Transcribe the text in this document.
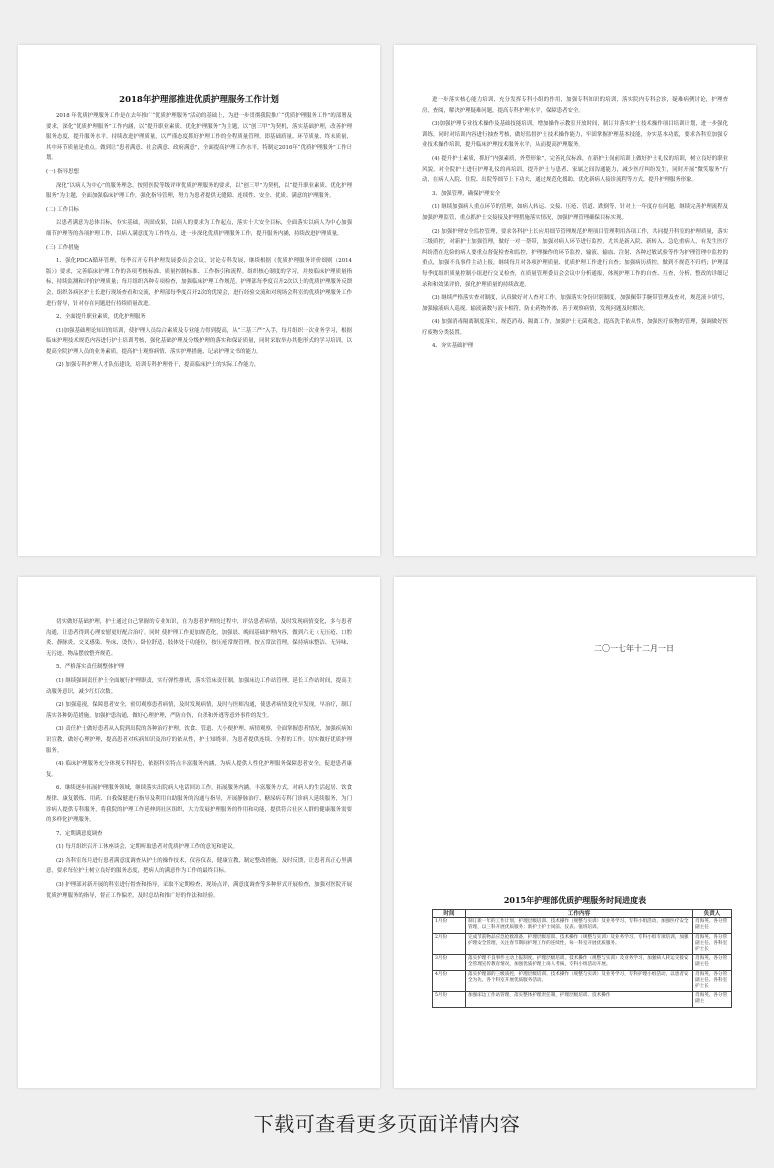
2018年护理部推进优质护理服务工作计划

2018 年优质护理服务工作是在去年推广“优质护理服务”活动的基础上，为进一步贯彻我院推广“优质护理服务工作”的部署及要求，深化“优质护理服务”工作内涵，以“提升职业素质、优化护理服务”为主题，以“创三甲”为契机，落实基础护理，改善护理服务态度，提升服务水平，持续改进护理质量，以严谨态度抓好护理工作的全程质量管理，即基础质量、环节质量、终末质量，其中环节质量是重点。做到让“患者满意、社会满意、政府满意”，全面提高护理工作水平，特制定2016年“优质护理服务”工作计划。

(一) 指导思想

深化“以病人为中心”的服务理念，按照医院等级评审优质护理服务的要求，以“创三甲”为契机，以“提升职业素质、优化护理服务”为主题，全面加强临床护理工作，强化指导管理，努力为患者提供无缝隙、连续性、安全、优质、满意的护理服务。

(二) 工作目标

以患者满意为总体目标，夯实基础，巩固成果，以病人的要求为工作起点，落实十大安全目标，全面落实以病人为中心加强细节护理等的各项护理工作，以病人满意度为工作终点，进一步深化优质护理服务工作，提升服务内涵，持续改进护理质量。

(三) 工作措施

1、强化PDCA循环管理，每季召开专科护理发展委员会会议，讨论专科发展，继续根据《优质护理服务评价细则（2014版）》要求，完善临床护理工作的各项考核标准、质量控制标准、工作指引和流程。组织核心制度的学习，并按临床护理质量指标，持续监测和评价护理质量；每月组织各种专项检查，加强临床护理工作规范，护理部每季度召开2次以上的优质护理服务反馈会，组织各病区护士长进行现场查看和交流，护理部每季度召开2次的优境会，进行经验交流和对现场会科室的优质护理服务工作进行督导，针对存在问题进行持续质量改进。

2、全面提升职业素质，优化护理服务

(1)加强基础理论知识的培训，使护理人员综合素质及专业能力得到提高，从“三基三严”入手，每月组织一次业务学习，根据临床护理技术规范内容进行护士培训考核，强化基础护理及分级护理的落实和保证质量，同时采取举办其他形式的学习培训，以提高全院护理人员的业务素质，提高护士观察病情、落实护理措施、记录护理文书的能力。

(2) 加强专科护理人才队伍建设，培训专科护理骨干，提高临床护士的实际工作能力，

进一步落实核心能力培训，充分发挥专科小组的作用，加强专科知识的培训，落实院内专科会诊，疑难病例讨论，护理查房，查阅，解决护理疑难问题，提高专科护理水平，保障患者安全。

(3)加强护理专业技术操作及基础技能培训，增加操作示教室开放时间，制订并落实护士技术操作项目培训计划，进一步强化训练。同时对培训内容进行抽查考核，做好监督护士技术操作能力，牢固掌握护理基本技能，夯实基本功底，要求各科室加强专业技术操作培训，提升临床护理技术服务水平，从而提高护理服务。

(4) 提升护士素质，抓好“内强素质，外塑形象”，完善礼仪标准，在新护士岗前培训上做好护士礼仪的培训，树立良好的职业风貌，对全院护士进行护理礼仪的再培训，提升护士与患者、家属之间沟通能力，减少医疗纠纷发生，同时开展“微笑服务”行动，在病人入院、住院、出院等细节上下功夫，通过规范化援助，优化新病人接诊流程等方式，提升护理服务形象。

3、加强管理，确保护理安全

(1) 继续加强病人重点环节的管理，如病人转运、交接、压疮、管道、跌倒等，针对上一年度存在问题，继续完善护理流程及加强护理监管，重点抓护士交接接及护理措施落实情况，加强护理管理确保目标实现。

(2) 加强护理安全监控管理，要求各科护士长应用细节管理规范护理项目管理利用各项工作，共同提升科室的护理质量，落实三级质控，对新护士加强管理，做好一对一帮带，加强对病人环节进行监控，尤其是新入院、新转入、急危重病人，有发生医疗纠纷潜在危险的病人要重点督促检查和监控，护理操作的环节监控，输液、输血、注射、各种过敏试验等作为护理管理中监控的重点，加强不良事件主动上报，继续每月对各项护理质量、优质护理工作进行自查；加强病历质控，做到不规范不归档；护理部每季度组织质量控制小组进行交叉检查，在质量管理委员会会议中分析通报，体现护理工作的自查、互查，分析、整改的详细记录和和效果评价，强化护理质量的持续改进。

(3) 继续严格落实查对制度，认真做好对人查对工作，加强落实身份识别制度，加强佩带手腕带管理及查对，规范液卡填写，加强输液病人巡视，输液滴数与液卡相符，防止药物外渗，善于观察病情，发现问题及时解决。

(4) 加强消毒隔离制度落实，规范消毒、隔离工作，加强护士无菌观念，提高洗手依从性，加强医疗废物的管理，强调做好医疗废物分类装置。

4、夯实基础护理

切实做好基础护理，护士通过自己掌握的专业知识，在为患者护理的过程中，评估患者病情，及时发现病情变化，多与患者沟通，让患者得到心理安慰更好配合治疗。同时 使护理工作更加规范化，加强晨、晚间基础护理内容，做到六无（无压疮、口腔炎、静脉炎、交叉感染、坠床、烫伤），卧位舒适，肢体处于功能位，按压疮常规管理，按五常法管理，保持病床整洁、无异味、无污迹，物品摆放整齐规范。

5、严格落实责任制整体护理

(1) 继续强调责任护士全面履行护理职责，实行弹性排班，落实管床责任制，加强床边工作站管理，延长工作站时间，提高主动服务意识，减少红灯次数。

(2) 加强巡视，保障患者安全，密切观察患者病情，及时发现病情，及时与医师沟通，使患者病情变化早发现，早治疗，制订落实各种防范措施，加强护患沟通，做好心理护理，严防自伤，自杀和外逃等意外事件的发生。

(3) 责任护士做好患者从入院到出院的各种治疗护理，饮食、管道、大小便护理、病情观察，全面掌握患者情况，加强疾病知识宣教，做好心理护理，提高患者对疾病知识及治疗的依从性，护士知晓率，为患者提供连续、全程的工作。切实做好优质护理服务。

(4) 临床护理服务充分体现专科特色，依据科室特点丰富服务内涵，为病人提供人性化护理服务保障患者安全，促进患者康复。

6、继续逐步拓展护理服务领域，继续落实出院病人电话回访工作，拓展服务内涵，丰富服务方式，对病人的生活起居、饮食规律、康复锻炼、用药、自我保健进行指导及利用自助服务的沟通与指导，开展静脉治疗、糖尿病专科门诊病人延续服务，为门诊病人提供专科服务，将我院的护理工作延伸到社区组织，大力发展护理服务的作用和功能，提供符合社区人群的健康服务需要的多样化护理服务。

7、定期满意度调查

(1) 每月组织召开工休座谈会，定期听取患者对优质护理工作的意见和建议。

(2) 各科室每月进行患者满意度调查从护士的操作技术，仪容仪表，健康宣教，制定整改措施，及时反馈，让患者真正心里满意，要求每位护士树立良好的服务态度，把病人的满意作为工作的最终目标。

(3) 护理部对新开展的科室进行督查和指导，采取不定期检查，现场点评，满意度调查等多种形式开展检查，加强对医院开展优质护理服务的指导，督正工作偏差，及时总结和推广好的作法和经验。

二〇一七年十二月一日
2015年护理部优质护理服务时间进度表
时间	工作内容	负责人
1月份	制订新一年的工作计划，护理层级培训、技术操作（规整与实训）及业务学习、专科小组活动，加强医疗安全管理，以三科开展优质服务；新护士护士岗前、仪表、值班培训。	肖海英、各分管副主任
2月份	完成节前物品应急抢救准备，护理层级培训、技术操作（规整与实训）及业务学习、专科小组专项培训，加强护理安全管理，关注春节期间护理工作的连续性，每一科室开展优质服务。	肖海英、各分管副主任、各科室护士长
3月份	落实护理不良事件主动上报制度。护理层级培训、技术操作（规整与实训）及业务学习、加强病人转运交接安全管理宣传教育情况，加强优质护理上岗人考核，专科小组活动开展。	肖海英、各分管副主任
4月份	落实护理部的三级质控，护理层级培训、技术操作（规整与实训）及业务学习，专科护理小组活动，以患者安全为先，各个科室开展优质服务活动。	肖海英、各分管副主任、各科室护士长
5月份	加强床边工作站管理，落实整体护理责任制，护理层级培训、技术操作	肖海英、各分管副主
下载可查看更多页面详情内容
